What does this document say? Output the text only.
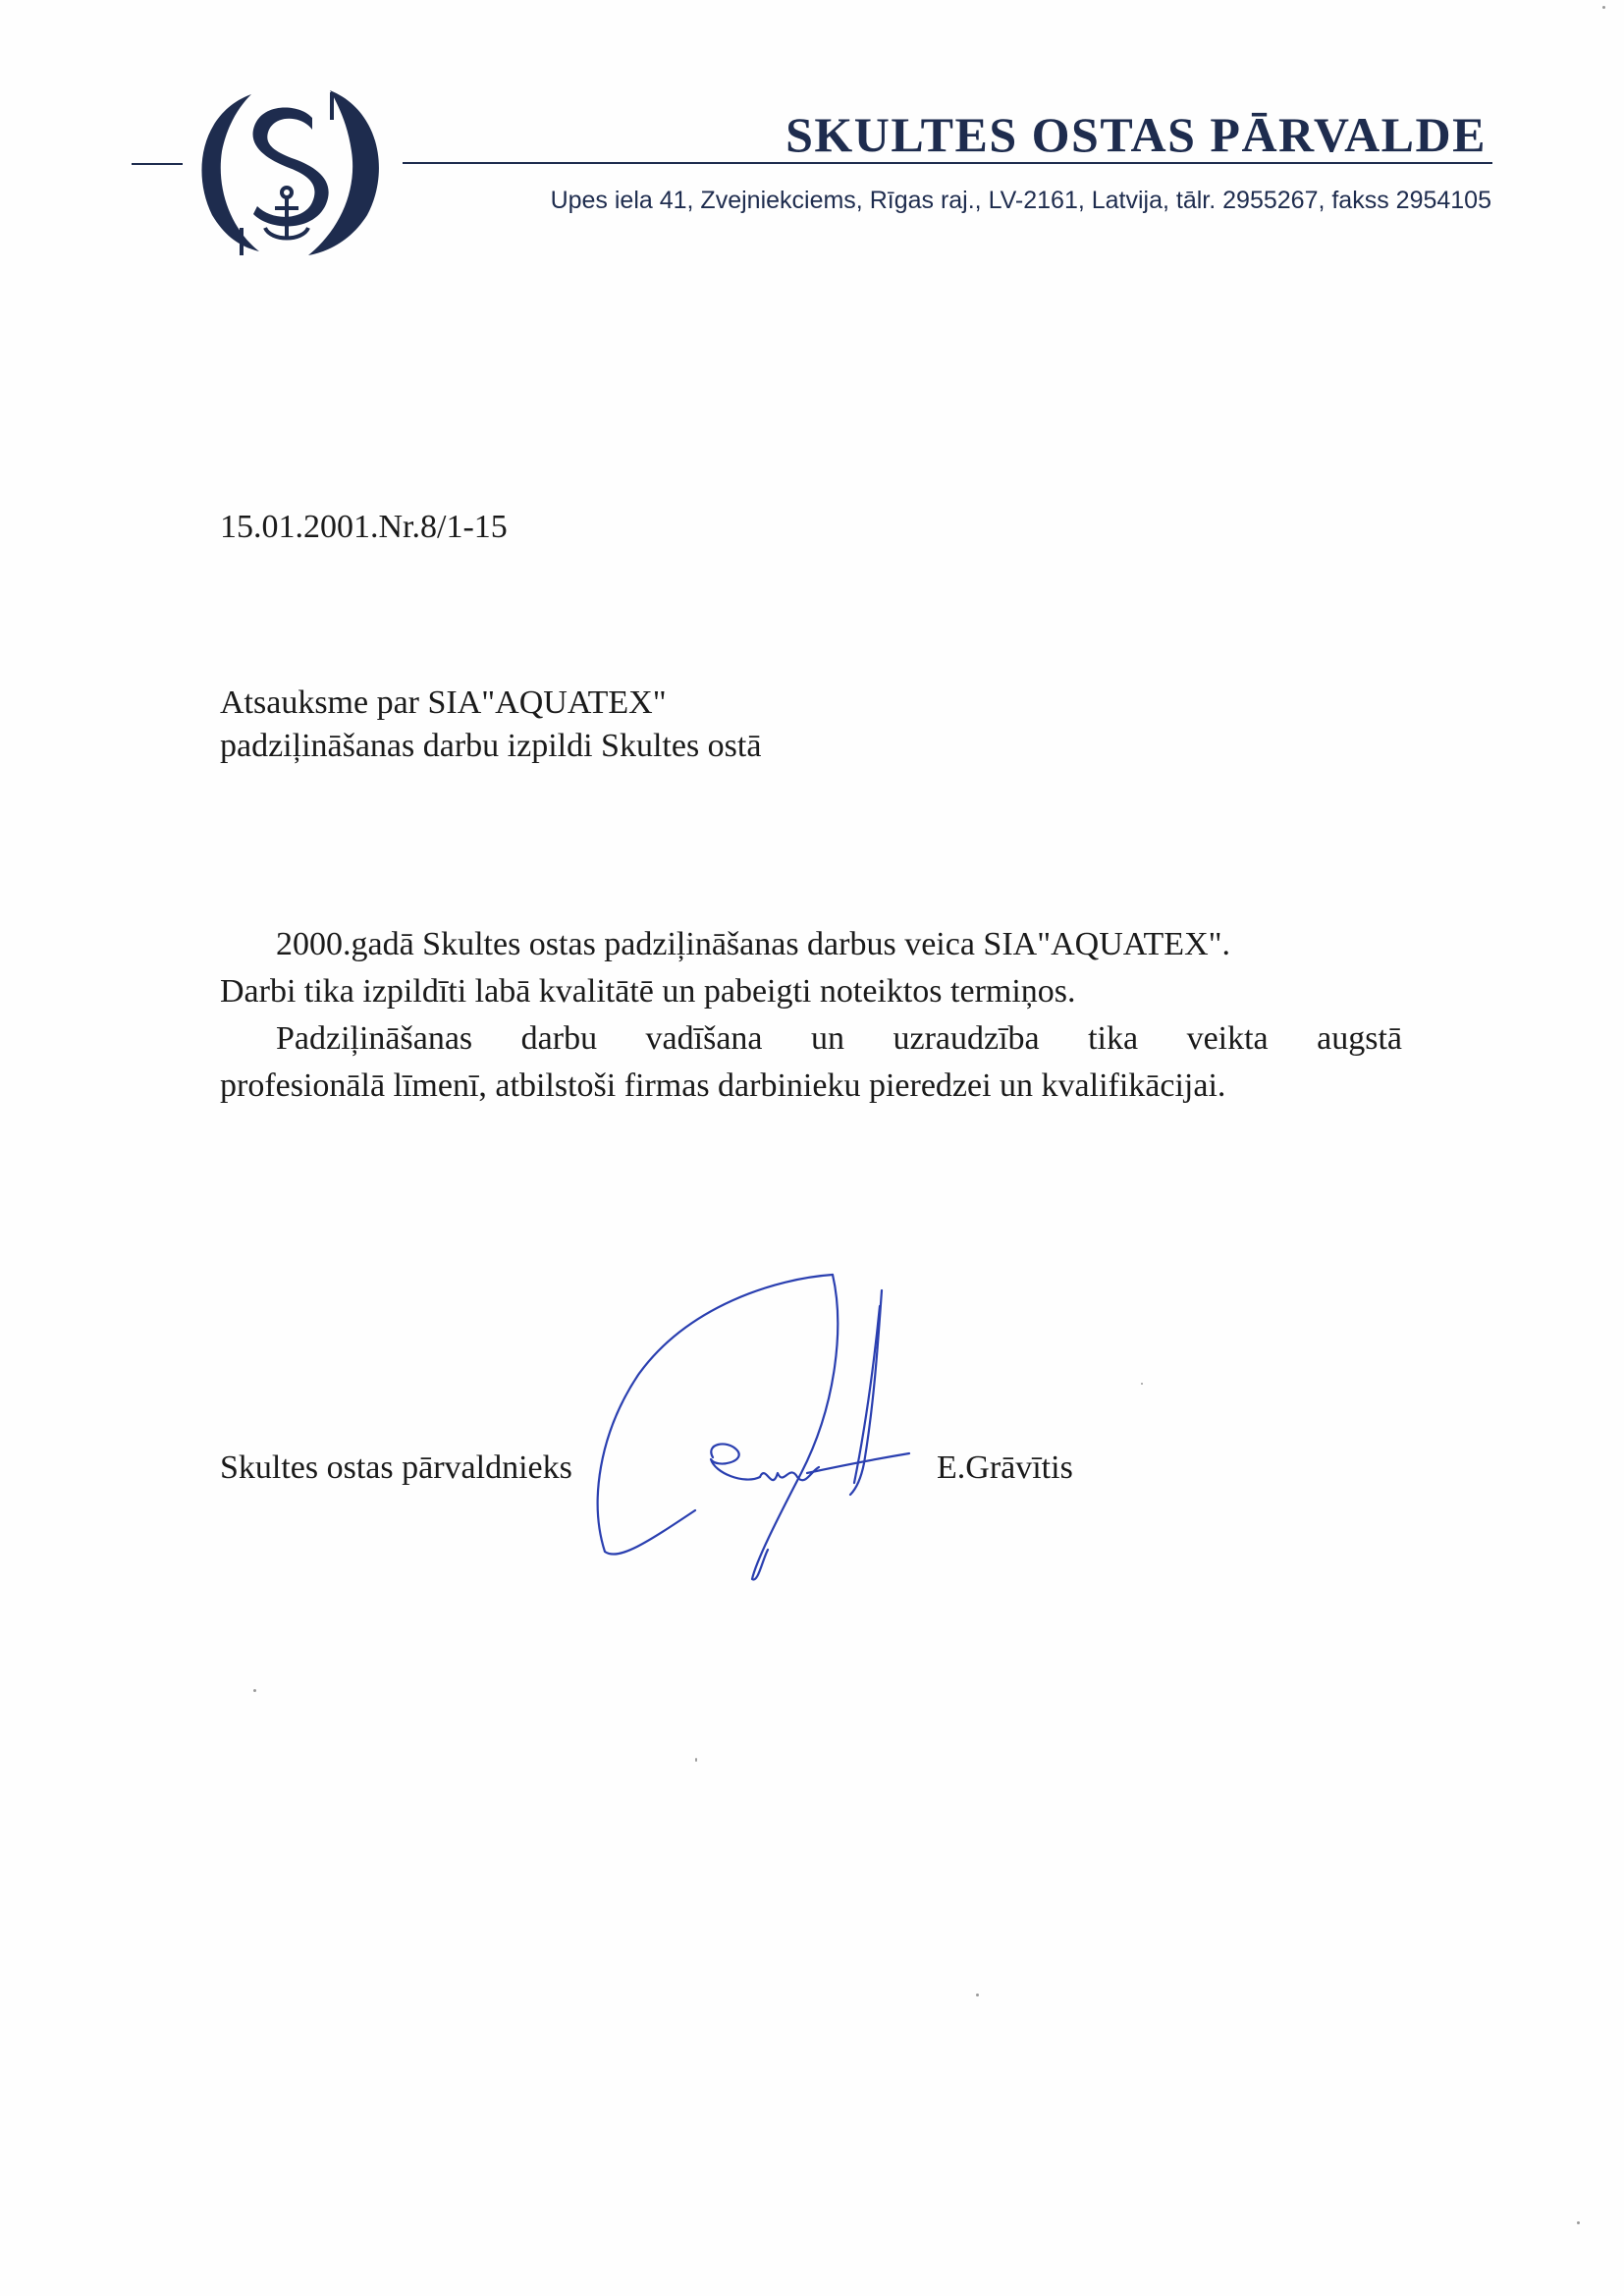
SKULTES OSTAS PĀRVALDE
Upes iela 41, Zvejniekciems, Rīgas raj., LV-2161, Latvija, tālr. 2955267, fakss 2954105
15.01.2001.Nr.8/1-15
Atsauksme par SIA"AQUATEX"
padziļināšanas darbu izpildi Skultes ostā
2000.gadā Skultes ostas padziļināšanas darbus veica SIA"AQUATEX".
Darbi tika izpildīti labā kvalitātē un pabeigti noteiktos termiņos.
Padziļināšanas darbu vadīšana un uzraudzība tika veikta augstā
profesionālā līmenī, atbilstoši firmas darbinieku pieredzei un kvalifikācijai.
Skultes ostas pārvaldnieks	E.Grāvītis
